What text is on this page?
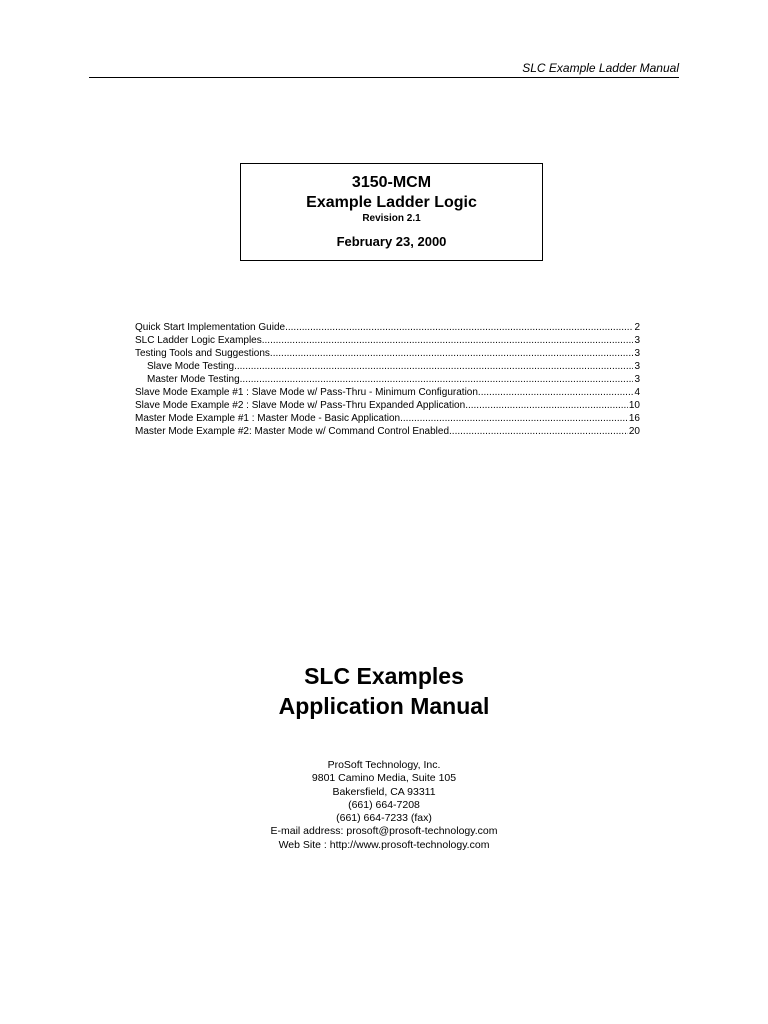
SLC Example Ladder Manual
3150-MCM
Example Ladder Logic
Revision 2.1
February 23, 2000
Quick Start Implementation Guide .....	2
SLC Ladder Logic Examples .....	3
Testing Tools and Suggestions .....	3
Slave Mode Testing .....	3
Master Mode Testing .....	3
Slave Mode Example #1 : Slave Mode w/ Pass-Thru - Minimum Configuration .....	4
Slave Mode Example #2 : Slave Mode w/ Pass-Thru Expanded Application .....	10
Master Mode Example #1 : Master Mode - Basic Application .....	16
Master Mode Example #2: Master Mode w/ Command Control Enabled .....	20
SLC Examples
Application Manual
ProSoft Technology, Inc.
9801 Camino Media, Suite 105
Bakersfield, CA 93311
(661) 664-7208
(661) 664-7233 (fax)
E-mail address: prosoft@prosoft-technology.com
Web Site : http://www.prosoft-technology.com
